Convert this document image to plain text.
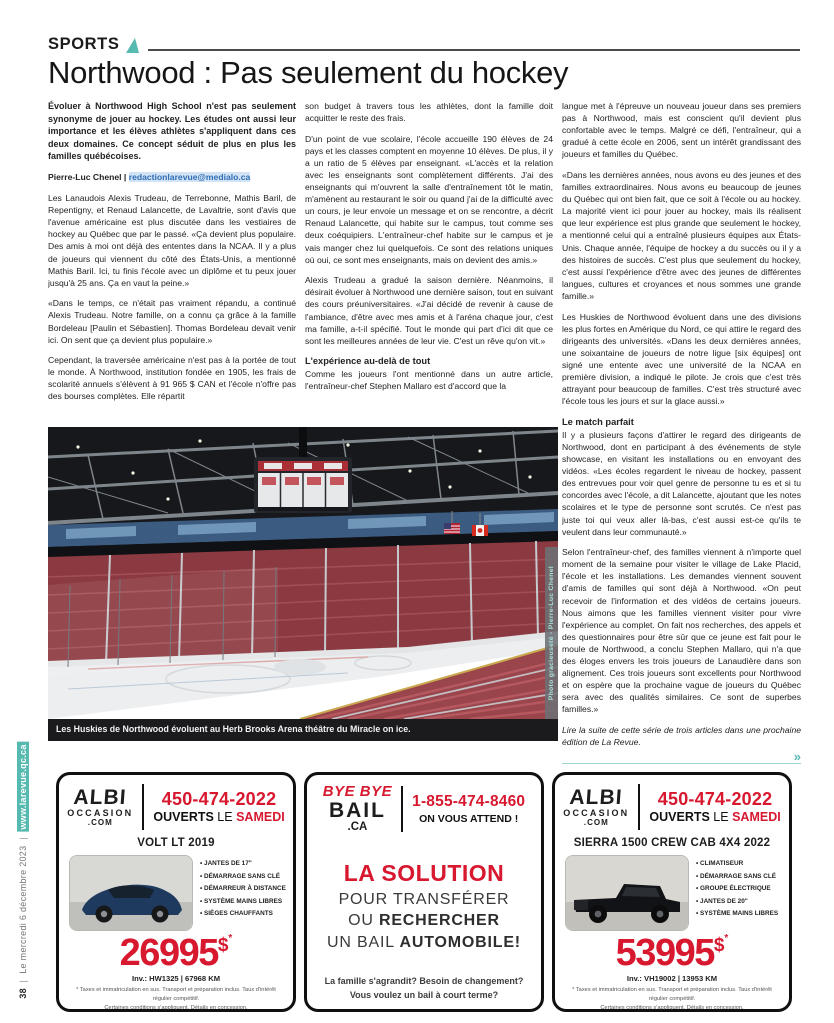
38 | Le mercredi 6 décembre 2023 | www.larevue.qc.ca
SPORTS
Northwood : Pas seulement du hockey

Évoluer à Northwood High School n'est pas seulement synonyme de jouer au hockey. Les études ont aussi leur importance et les élèves athlètes s'appliquent dans ces deux domaines. Ce concept séduit de plus en plus les familles québécoises.

Pierre-Luc Chenel | redactionlarevue@medialo.ca

Les Lanaudois Alexis Trudeau, de Terrebonne, Mathis Baril, de Repentigny, et Renaud Lalancette, de Lavaltrie, sont d'avis que l'avenue américaine est plus discutée dans les vestiaires de hockey au Québec que par le passé. «Ça devient plus populaire. Des amis à moi ont déjà des ententes dans la NCAA. Il y a plus de joueurs qui viennent du côté des États-Unis, a mentionné Mathis Baril. Ici, tu finis l'école avec un diplôme et tu peux jouer jusqu'à 25 ans. Ça en vaut la peine.»

«Dans le temps, ce n'était pas vraiment répandu, a continué Alexis Trudeau. Notre famille, on a connu ça grâce à la famille Bordeleau [Paulin et Sébastien]. Thomas Bordeleau devait venir ici. On sent que ça devient plus populaire.»

Cependant, la traversée américaine n'est pas à la portée de tout le monde. À Northwood, institution fondée en 1905, les frais de scolarité annuels s'élèvent à 91 965 $ CAN et l'école n'offre pas des bourses complètes. Elle répartit

son budget à travers tous les athlètes, dont la famille doit acquitter le reste des frais.

D'un point de vue scolaire, l'école accueille 190 élèves de 24 pays et les classes comptent en moyenne 10 élèves. De plus, il y a un ratio de 5 élèves par enseignant. «L'accès et la relation avec les enseignants sont complètement différents. J'ai des enseignants qui m'ouvrent la salle d'entraînement tôt le matin, m'amènent au restaurant le soir ou quand j'ai de la difficulté avec un cours, je leur envoie un message et on se rencontre, a décrit Renaud Lalancette, qui habite sur le campus, tout comme ses deux coéquipiers. L'entraîneur-chef habite sur le campus et je vais manger chez lui quelquefois. Ce sont des relations uniques où oui, ce sont mes enseignants, mais on devient des amis.»

Alexis Trudeau a gradué la saison dernière. Néanmoins, il désirait évoluer à Northwood une dernière saison, tout en suivant des cours préuniversitaires. «J'ai décidé de revenir à cause de l'ambiance, d'être avec mes amis et à l'aréna chaque jour, c'est ma famille, a-t-il spécifié. Tout le monde qui part d'ici dit que ce sont les meilleures années de leur vie. C'est un rêve qu'on vit.»

L'expérience au-delà de tout

Comme les joueurs l'ont mentionné dans un autre article, l'entraîneur-chef Stephen Mallaro est d'accord que la

langue met à l'épreuve un nouveau joueur dans ses premiers pas à Northwood, mais est conscient qu'il devient plus confortable avec le temps. Malgré ce défi, l'entraîneur, qui a gradué à cette école en 2006, sent un intérêt grandissant des joueurs et familles du Québec.

«Dans les dernières années, nous avons eu des jeunes et des familles extraordinaires. Nous avons eu beaucoup de jeunes du Québec qui ont bien fait, que ce soit à l'école ou au hockey. La majorité vient ici pour jouer au hockey, mais ils réalisent que leur expérience est plus grande que seulement le hockey, a mentionné celui qui a entraîné plusieurs équipes aux États-Unis. Chaque année, l'équipe de hockey a du succès ou il y a des histoires de succès. C'est plus que seulement du hockey, c'est aussi l'expérience d'être avec des jeunes de différentes langues, cultures et croyances et nous sommes une grande famille.»

Les Huskies de Northwood évoluent dans une des divisions les plus fortes en Amérique du Nord, ce qui attire le regard des dirigeants des universités. «Dans les deux dernières années, une soixantaine de joueurs de notre ligue [six équipes] ont signé une entente avec une université de la NCAA en première division, a indiqué le pilote. Je crois que c'est très attrayant pour beaucoup de familles. C'est très structuré avec l'école tous les jours et sur la glace aussi.»

Le match parfait

Il y a plusieurs façons d'attirer le regard des dirigeants de Northwood, dont en participant à des événements de style showcase, en visitant les installations ou en envoyant des vidéos. «Les écoles regardent le niveau de hockey, passent des entrevues pour voir quel genre de personne tu es et si tu concordes avec l'école, a dit Lalancette, ajoutant que les notes scolaires et le type de personne sont scrutés. Ce n'est pas juste toi qui veux aller là-bas, c'est aussi est-ce qu'ils te veulent dans leur communauté.»

Selon l'entraîneur-chef, des familles viennent à n'importe quel moment de la semaine pour visiter le village de Lake Placid, l'école et les installations. Les demandes viennent souvent d'amis de familles qui sont déjà à Northwood. «On peut recevoir de l'information et des vidéos de certains joueurs. Nous aimons que les familles viennent visiter pour vivre l'expérience au complet. On fait nos recherches, des appels et des questionnaires pour être sûr que ce jeune est fait pour le moule de Northwood, a conclu Stephen Mallaro, qui n'a que des éloges envers les trois joueurs de Lanaudière dans son alignement. Ces trois joueurs sont excellents pour Northwood et on espère que la prochaine vague de joueurs du Québec sera avec des qualités similaires. Ce sont de superbes familles.»

Lire la suite de cette série de trois articles dans une prochaine édition de La Revue.

»
Photo gracieuseté - Pierre-Luc Chenel
Les Huskies de Northwood évoluent au Herb Brooks Arena théâtre du Miracle on ice.
ALBI
OCCASION
.COM
450-474-2022
OUVERTS LE SAMEDI
VOLT LT 2019
• JANTES DE 17"
• DÉMARRAGE SANS CLÉ
• DÉMARREUR À DISTANCE
• SYSTÈME MAINS LIBRES
• SIÈGES CHAUFFANTS
26995$*
Inv.: HW1325 | 67968 KM
* Taxes et immatriculation en sus. Transport et préparation inclus. Taux d'intérêt régulier compétitif.
Certaines conditions s'appliquent. Détails en concession.
BYE BYE
BAIL
.CA
1-855-474-8460
ON VOUS ATTEND !
LA SOLUTION
POUR TRANSFÉRER
OU RECHERCHER
UN BAIL AUTOMOBILE!
La famille s'agrandit? Besoin de changement?
Vous voulez un bail à court terme?
ALBI
OCCASION
.COM
450-474-2022
OUVERTS LE SAMEDI
SIERRA 1500 CREW CAB 4X4 2022
• CLIMATISEUR
• DÉMARRAGE SANS CLÉ
• GROUPE ÉLECTRIQUE
• JANTES DE 20"
• SYSTÈME MAINS LIBRES
53995$*
Inv.: VH19002 | 13953 KM
* Taxes et immatriculation en sus. Transport et préparation inclus. Taux d'intérêt régulier compétitif.
Certaines conditions s'appliquent. Détails en concession.
